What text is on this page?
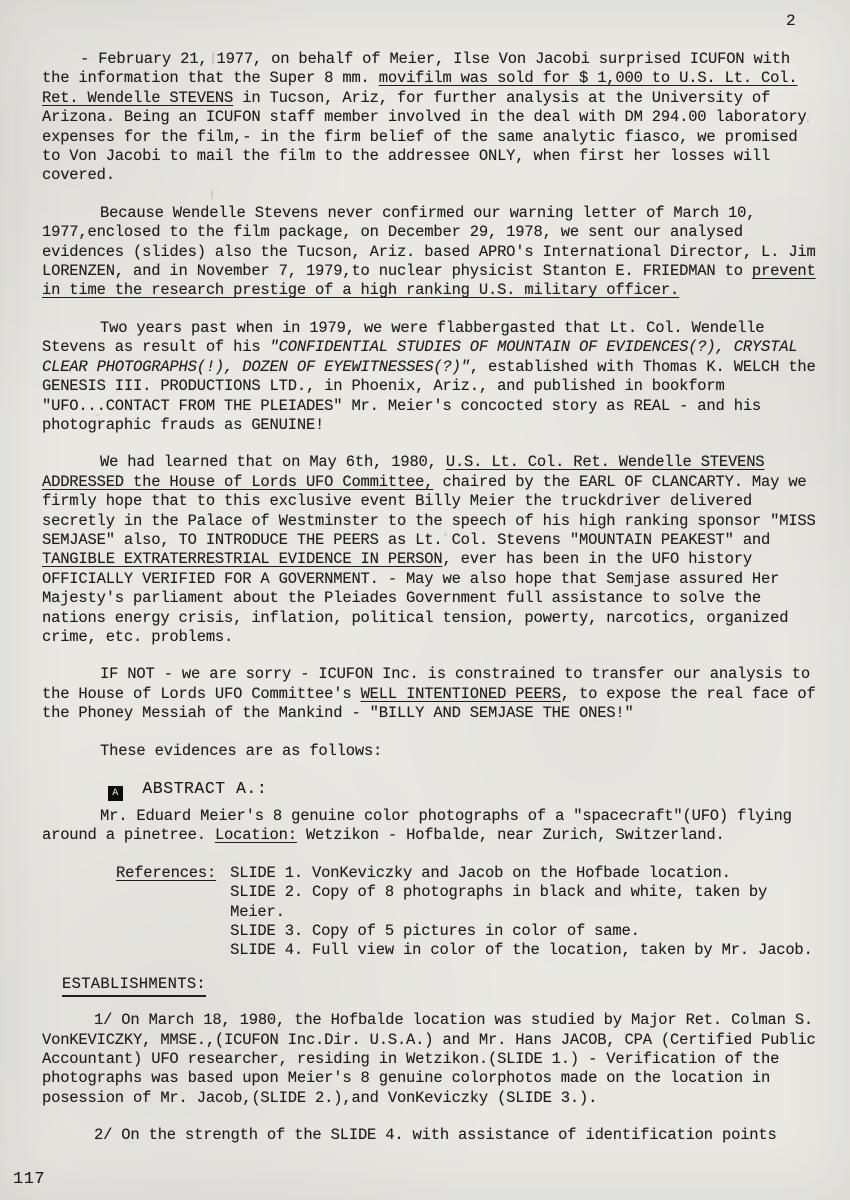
2

- February 21, 1977, on behalf of Meier, Ilse Von Jacobi surprised ICUFON with the information that the Super 8 mm. movifilm was sold for $ 1,000 to U.S. Lt. Col. Ret. Wendelle STEVENS in Tucson, Ariz, for further analysis at the University of Arizona. Being an ICUFON staff member involved in the deal with DM 294.00 laboratory expenses for the film,- in the firm belief of the same analytic fiasco, we promised to Von Jacobi to mail the film to the addressee ONLY, when first her losses will covered.

Because Wendelle Stevens never confirmed our warning letter of March 10, 1977,enclosed to the film package, on December 29, 1978, we sent our analysed evidences (slides) also the Tucson, Ariz. based APRO's International Director, L. Jim LORENZEN, and in November 7, 1979,to nuclear physicist Stanton E. FRIEDMAN to prevent in time the research prestige of a high ranking U.S. military officer.

Two years past when in 1979, we were flabbergasted that Lt. Col. Wendelle Stevens as result of his "CONFIDENTIAL STUDIES OF MOUNTAIN OF EVIDENCES(?), CRYSTAL CLEAR PHOTOGRAPHS(!), DOZEN OF EYEWITNESSES(?)", established with Thomas K. WELCH the GENESIS III. PRODUCTIONS LTD., in Phoenix, Ariz., and published in bookform "UFO...CONTACT FROM THE PLEIADES" Mr. Meier's concocted story as REAL - and his photographic frauds as GENUINE!

We had learned that on May 6th, 1980, U.S. Lt. Col. Ret. Wendelle STEVENS ADDRESSED the House of Lords UFO Committee, chaired by the EARL OF CLANCARTY. May we firmly hope that to this exclusive event Billy Meier the truckdriver delivered secretly in the Palace of Westminster to the speech of his high ranking sponsor "MISS SEMJASE" also, TO INTRODUCE THE PEERS as Lt. Col. Stevens "MOUNTAIN PEAKEST" and TANGIBLE EXTRATERRESTRIAL EVIDENCE IN PERSON, ever has been in the UFO history OFFICIALLY VERIFIED FOR A GOVERNMENT. - May we also hope that Semjase assured Her Majesty's parliament about the Pleiades Government full assistance to solve the nations energy crisis, inflation, political tension, powerty, narcotics, organized crime, etc. problems.

IF NOT - we are sorry - ICUFON Inc. is constrained to transfer our analysis to the House of Lords UFO Committee's WELL INTENTIONED PEERS, to expose the real face of the Phoney Messiah of the Mankind - "BILLY AND SEMJASE THE ONES!"

These evidences are as follows:

A ABSTRACT A.:

Mr. Eduard Meier's 8 genuine color photographs of a "spacecraft"(UFO) flying around a pinetree. Location: Wetzikon - Hofbalde, near Zurich, Switzerland.

References: SLIDE 1. VonKeviczky and Jacob on the Hofbade location.
SLIDE 2. Copy of 8 photographs in black and white, taken by Meier.
SLIDE 3. Copy of 5 pictures in color of same.
SLIDE 4. Full view in color of the location, taken by Mr. Jacob.
ESTABLISHMENTS:

1/ On March 18, 1980, the Hofbalde location was studied by Major Ret. Colman S. VonKEVICZKY, MMSE.,(ICUFON Inc.Dir. U.S.A.) and Mr. Hans JACOB, CPA (Certified Public Accountant) UFO researcher, residing in Wetzikon.(SLIDE 1.) - Verification of the photographs was based upon Meier's 8 genuine colorphotos made on the location in posession of Mr. Jacob,(SLIDE 2.),and VonKeviczky (SLIDE 3.).

2/ On the strength of the SLIDE 4. with assistance of identification points

117
